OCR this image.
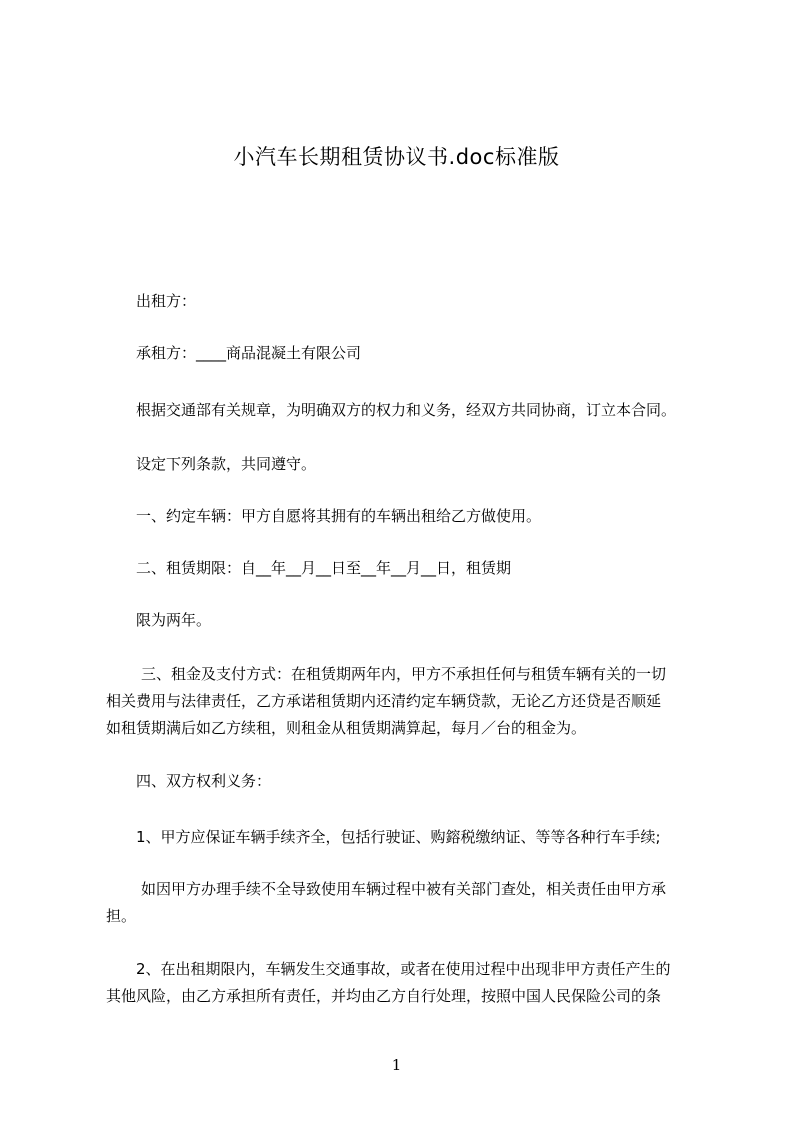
小汽车长期租赁协议书.doc标准版
出租方：
承租方：____商品混凝土有限公司
根据交通部有关规章，为明确双方的权力和义务，经双方共同协商，订立本合同。
设定下列条款，共同遵守。
一、约定车辆：甲方自愿将其拥有的车辆出租给乙方做使用。
二、租赁期限：自__年__月__日至__年__月__日，租赁期
限为两年。
三、租金及支付方式：在租赁期两年内，甲方不承担任何与租赁车辆有关的一切
相关费用与法律责任，乙方承诺租赁期内还清约定车辆贷款，无论乙方还贷是否顺延
如租赁期满后如乙方续租，则租金从租赁期满算起，每月／台的租金为。
四、双方权利义务：
1、甲方应保证车辆手续齐全，包括行驶证、购鎔税缴纳证、等等各种行车手续;
如因甲方办理手续不全导致使用车辆过程中被有关部门查处，相关责任由甲方承
担。
2、在出租期限内，车辆发生交通事故，或者在使用过程中出现非甲方责任产生的
其他风险，由乙方承担所有责任，并均由乙方自行处理，按照中国人民保险公司的条
1
